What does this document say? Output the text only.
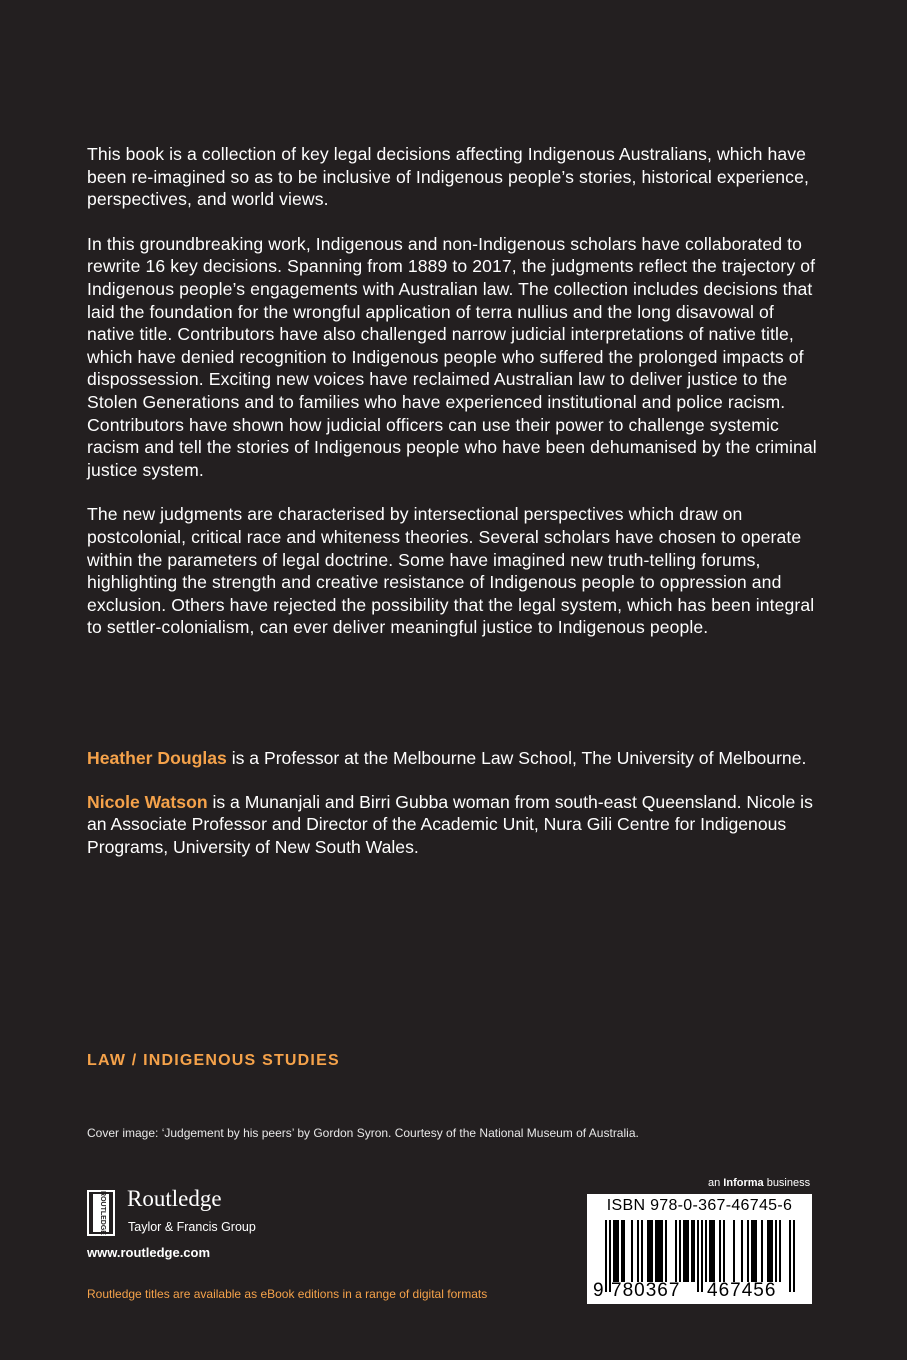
This book is a collection of key legal decisions affecting Indigenous Australians, which have been re-imagined so as to be inclusive of Indigenous people’s stories, historical experience, perspectives, and world views.

In this groundbreaking work, Indigenous and non-Indigenous scholars have collaborated to rewrite 16 key decisions. Spanning from 1889 to 2017, the judgments reflect the trajectory of Indigenous people’s engagements with Australian law. The collection includes decisions that laid the foundation for the wrongful application of terra nullius and the long disavowal of native title. Contributors have also challenged narrow judicial interpretations of native title, which have denied recognition to Indigenous people who suffered the prolonged impacts of dispossession. Exciting new voices have reclaimed Australian law to deliver justice to the Stolen Generations and to families who have experienced institutional and police racism. Contributors have shown how judicial officers can use their power to challenge systemic racism and tell the stories of Indigenous people who have been dehumanised by the criminal justice system.

The new judgments are characterised by intersectional perspectives which draw on postcolonial, critical race and whiteness theories. Several scholars have chosen to operate within the parameters of legal doctrine. Some have imagined new truth-telling forums, highlighting the strength and creative resistance of Indigenous people to oppression and exclusion. Others have rejected the possibility that the legal system, which has been integral to settler-colonialism, can ever deliver meaningful justice to Indigenous people.

Heather Douglas is a Professor at the Melbourne Law School, The University of Melbourne.

Nicole Watson is a Munanjali and Birri Gubba woman from south-east Queensland. Nicole is an Associate Professor and Director of the Academic Unit, Nura Gili Centre for Indigenous Programs, University of New South Wales.

LAW / INDIGENOUS STUDIES
Cover image: ‘Judgement by his peers’ by Gordon Syron. Courtesy of the National Museum of Australia.
ROUTLEDGE Routledge
Taylor & Francis Group
www.routledge.com
Routledge titles are available as eBook editions in a range of digital formats
an Informa business
ISBN 978-0-367-46745-6
9 780367 467456
